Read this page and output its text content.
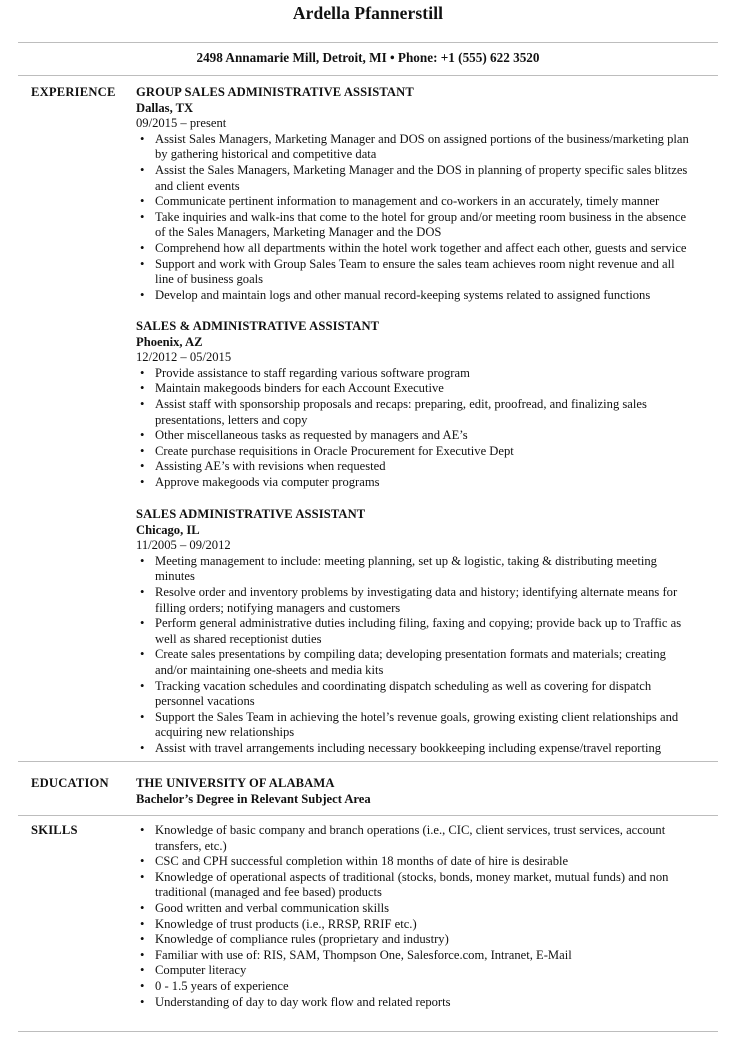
Ardella Pfannerstill
2498 Annamarie Mill, Detroit, MI • Phone: +1 (555) 622 3520
EXPERIENCE GROUP SALES ADMINISTRATIVE ASSISTANT
Dallas, TX
09/2015 – present
• Assist Sales Managers, Marketing Manager and DOS on assigned portions of the business/marketing plan by gathering historical and competitive data
• Assist the Sales Managers, Marketing Manager and the DOS in planning of property specific sales blitzes and client events
• Communicate pertinent information to management and co-workers in an accurately, timely manner
• Take inquiries and walk-ins that come to the hotel for group and/or meeting room business in the absence of the Sales Managers, Marketing Manager and the DOS
• Comprehend how all departments within the hotel work together and affect each other, guests and service
• Support and work with Group Sales Team to ensure the sales team achieves room night revenue and all line of business goals
• Develop and maintain logs and other manual record-keeping systems related to assigned functions
SALES & ADMINISTRATIVE ASSISTANT
Phoenix, AZ
12/2012 – 05/2015
• Provide assistance to staff regarding various software program
• Maintain makegoods binders for each Account Executive
• Assist staff with sponsorship proposals and recaps: preparing, edit, proofread, and finalizing sales presentations, letters and copy
• Other miscellaneous tasks as requested by managers and AE’s
• Create purchase requisitions in Oracle Procurement for Executive Dept
• Assisting AE’s with revisions when requested
• Approve makegoods via computer programs
SALES ADMINISTRATIVE ASSISTANT
Chicago, IL
11/2005 – 09/2012
• Meeting management to include: meeting planning, set up & logistic, taking & distributing meeting minutes
• Resolve order and inventory problems by investigating data and history; identifying alternate means for filling orders; notifying managers and customers
• Perform general administrative duties including filing, faxing and copying; provide back up to Traffic as well as shared receptionist duties
• Create sales presentations by compiling data; developing presentation formats and materials; creating and/or maintaining one-sheets and media kits
• Tracking vacation schedules and coordinating dispatch scheduling as well as covering for dispatch personnel vacations
• Support the Sales Team in achieving the hotel’s revenue goals, growing existing client relationships and acquiring new relationships
• Assist with travel arrangements including necessary bookkeeping including expense/travel reporting
EDUCATION THE UNIVERSITY OF ALABAMA
Bachelor’s Degree in Relevant Subject Area
SKILLS
•	Knowledge of basic company and branch operations (i.e., CIC, client services, trust services, account transfers, etc.)
• CSC and CPH successful completion within 18 months of date of hire is desirable
• Knowledge of operational aspects of traditional (stocks, bonds, money market, mutual funds) and non traditional (managed and fee based) products
• Good written and verbal communication skills
• Knowledge of trust products (i.e., RRSP, RRIF etc.)
• Knowledge of compliance rules (proprietary and industry)
• Familiar with use of: RIS, SAM, Thompson One, Salesforce.com, Intranet, E-Mail
• Computer literacy
• 0 - 1.5 years of experience
• Understanding of day to day work flow and related reports
